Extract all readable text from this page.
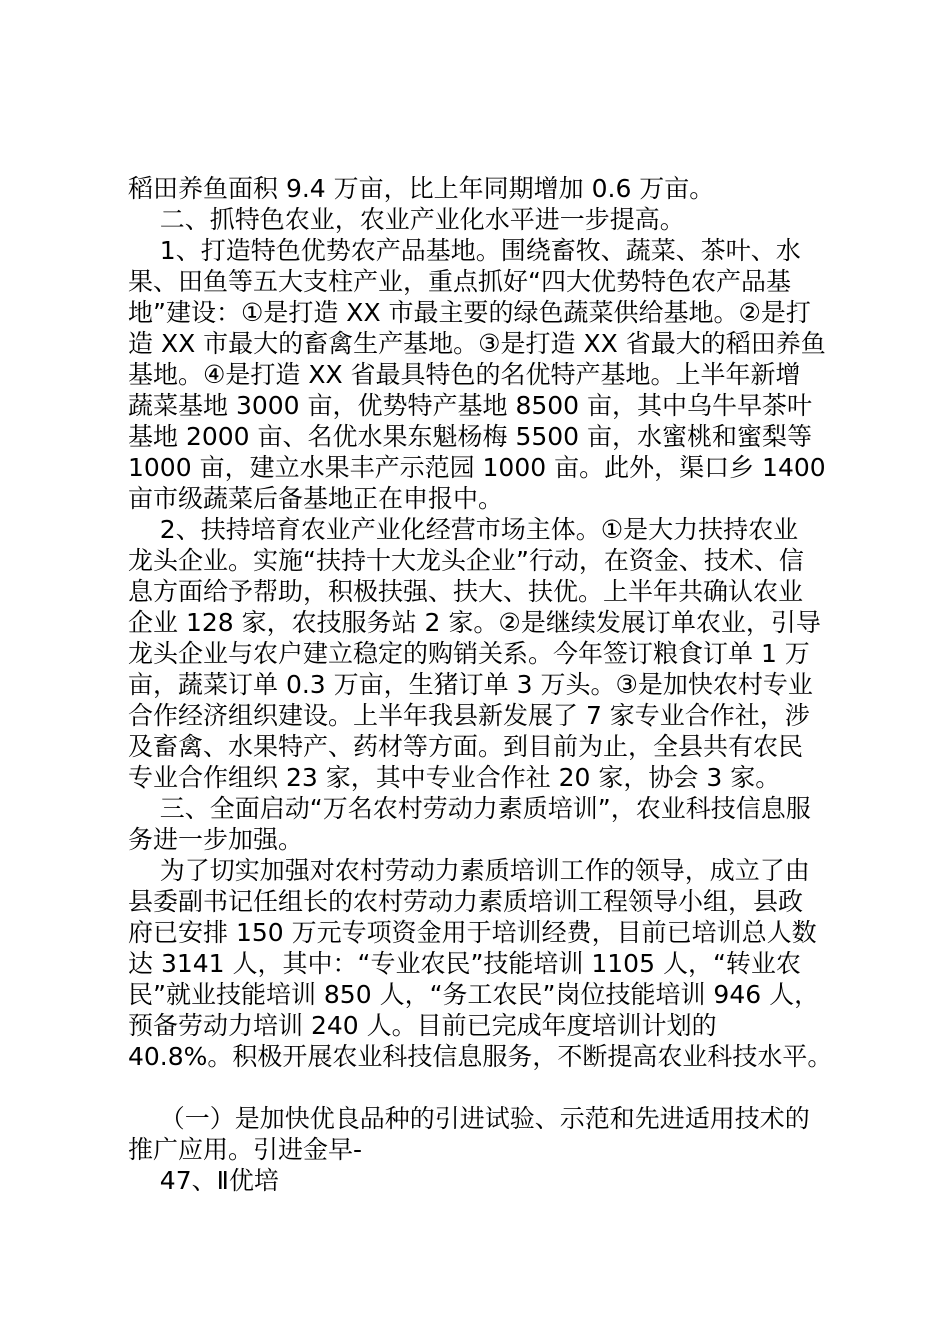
稻田养鱼面积 9.4 万亩，比上年同期增加 0.6 万亩。

二、抓特色农业，农业产业化水平进一步提高。

1、打造特色优势农产品基地。围绕畜牧、蔬菜、茶叶、水

果、田鱼等五大支柱产业，重点抓好“四大优势特色农产品基

地”建设：①是打造 XX 市最主要的绿色蔬菜供给基地。②是打

造 XX 市最大的畜禽生产基地。③是打造 XX 省最大的稻田养鱼

基地。④是打造 XX 省最具特色的名优特产基地。上半年新增

蔬菜基地 3000 亩，优势特产基地 8500 亩，其中乌牛早茶叶

基地 2000 亩、名优水果东魁杨梅 5500 亩，水蜜桃和蜜梨等

1000 亩，建立水果丰产示范园 1000 亩。此外，渠口乡 1400

亩市级蔬菜后备基地正在申报中。

2、扶持培育农业产业化经营市场主体。①是大力扶持农业

龙头企业。实施“扶持十大龙头企业”行动，在资金、技术、信

息方面给予帮助，积极扶强、扶大、扶优。上半年共确认农业

企业 128 家，农技服务站 2 家。②是继续发展订单农业，引导

龙头企业与农户建立稳定的购销关系。今年签订粮食订单 1 万

亩，蔬菜订单 0.3 万亩，生猪订单 3 万头。③是加快农村专业

合作经济组织建设。上半年我县新发展了 7 家专业合作社，涉

及畜禽、水果特产、药材等方面。到目前为止，全县共有农民

专业合作组织 23 家，其中专业合作社 20 家，协会 3 家。

三、全面启动“万名农村劳动力素质培训”，农业科技信息服

务进一步加强。

为了切实加强对农村劳动力素质培训工作的领导，成立了由

县委副书记任组长的农村劳动力素质培训工程领导小组，县政

府已安排 150 万元专项资金用于培训经费，目前已培训总人数

达 3141 人，其中：“专业农民”技能培训 1105 人，“转业农

民”就业技能培训 850 人，“务工农民”岗位技能培训 946 人，

预备劳动力培训 240 人。目前已完成年度培训计划的

40.8%。积极开展农业科技信息服务，不断提高农业科技水平。

（一）是加快优良品种的引进试验、示范和先进适用技术的

推广应用。引进金早-

47、Ⅱ优培
